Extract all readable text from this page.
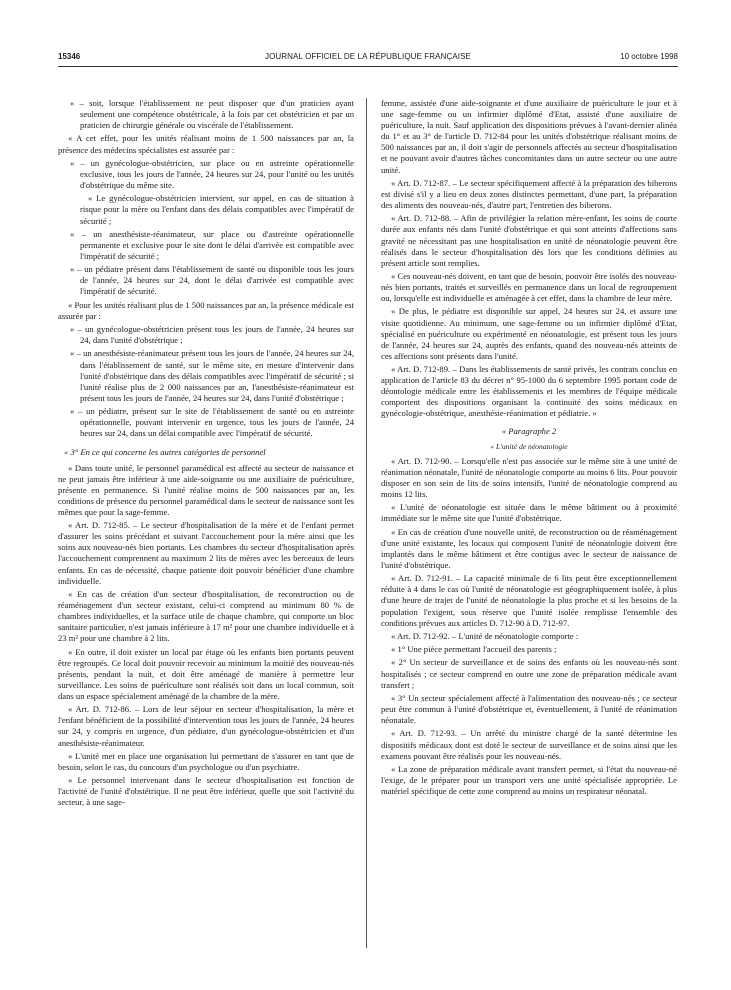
15346	JOURNAL OFFICIEL DE LA RÉPUBLIQUE FRANÇAISE	10 octobre 1998

« – soit, lorsque l'établissement ne peut disposer que d'un praticien ayant seulement une compétence obstétricale, à la fois par cet obstétricien et par un praticien de chirurgie générale ou viscérale de l'établissement.

« A cet effet, pour les unités réalisant moins de 1 500 naissances par an, la présence des médecins spécialistes est assurée par :

« – un gynécologue-obstétricien, sur place ou en astreinte opérationnelle exclusive, tous les jours de l'année, 24 heures sur 24, pour l'unité ou les unités d'obstétrique du même site.

« Le gynécologue-obstétricien intervient, sur appel, en cas de situation à risque pour la mère ou l'enfant dans des délais compatibles avec l'impératif de sécurité ;

« – un anesthésiste-réanimateur, sur place ou d'astreinte opérationnelle permanente et exclusive pour le site dont le délai d'arrivée est compatible avec l'impératif de sécurité ;

« – un pédiatre présent dans l'établissement de santé ou disponible tous les jours de l'année, 24 heures sur 24, dont le délai d'arrivée est compatible avec l'impératif de sécurité.

« Pour les unités réalisant plus de 1 500 naissances par an, la présence médicale est assurée par :

« – un gynécologue-obstétricien présent tous les jours de l'année, 24 heures sur 24, dans l'unité d'obstétrique ;

« – un anesthésiste-réanimateur présent tous les jours de l'année, 24 heures sur 24, dans l'établissement de santé, sur le même site, en mesure d'intervenir dans l'unité d'obstétrique dans des délais compatibles avec l'impératif de sécurité ; si l'unité réalise plus de 2 000 naissances par an, l'anesthésiste-réanimateur est présent tous les jours de l'année, 24 heures sur 24, dans l'unité d'obstétrique ;

« – un pédiatre, présent sur le site de l'établissement de santé ou en astreinte opérationnelle, pouvant intervenir en urgence, tous les jours de l'année, 24 heures sur 24, dans un délai compatible avec l'impératif de sécurité.

« 3° En ce qui concerne les autres catégories de personnel

« Dans toute unité, le personnel paramédical est affecté au secteur de naissance et ne peut jamais être inférieur à une aide-soignante ou une auxiliaire de puériculture, présente en permanence. Si l'unité réalise moins de 500 naissances par an, les conditions de présence du personnel paramédical dans le secteur de naissance sont les mêmes que pour la sage-femme.

« Art. D. 712-85. – Le secteur d'hospitalisation de la mère et de l'enfant permet d'assurer les soins précédant et suivant l'accouchement pour la mère ainsi que les soins aux nouveau-nés bien portants. Les chambres du secteur d'hospitalisation après l'accouchement comprennent au maximum 2 lits de mères avec les berceaux de leurs enfants. En cas de nécessité, chaque patiente doit pouvoir bénéficier d'une chambre individuelle.

« En cas de création d'un secteur d'hospitalisation, de reconstruction ou de réaménagement d'un secteur existant, celui-ci comprend au minimum 80 % de chambres individuelles, et la surface utile de chaque chambre, qui comporte un bloc sanitaire particulier, n'est jamais inférieure à 17 m² pour une chambre individuelle et à 23 m² pour une chambre à 2 lits.

« En outre, il doit exister un local par étage où les enfants bien portants peuvent être regroupés. Ce local doit pouvoir recevoir au minimum la moitié des nouveau-nés présents, pendant la nuit, et doit être aménagé de manière à permettre leur surveillance. Les soins de puériculture sont réalisés soit dans un local commun, soit dans un espace spécialement aménagé de la chambre de la mère.

« Art. D. 712-86. – Lors de leur séjour en secteur d'hospitalisation, la mère et l'enfant bénéficient de la possibilité d'intervention tous les jours de l'année, 24 heures sur 24, y compris en urgence, d'un pédiatre, d'un gynécologue-obstétricien et d'un anesthésiste-réanimateur.

« L'unité met en place une organisation lui permettant de s'assurer en tant que de besoin, selon le cas, du concours d'un psychologue ou d'un psychiatre.

« Le personnel intervenant dans le secteur d'hospitalisation est fonction de l'activité de l'unité d'obstétrique. Il ne peut être inférieur, quelle que soit l'activité du secteur, à une sage-

femme, assistée d'une aide-soignante et d'une auxiliaire de puériculture le jour et à une sage-femme ou un infirmier diplômé d'Etat, assisté d'une auxiliaire de puériculture, la nuit. Sauf application des dispositions prévues à l'avant-dernier alinéa du 1° et au 3° de l'article D. 712-84 pour les unités d'obstétrique réalisant moins de 500 naissances par an, il doit s'agir de personnels affectés au secteur d'hospitalisation et ne pouvant avoir d'autres tâches concomitantes dans un autre secteur ou une autre unité.

« Art. D. 712-87. – Le secteur spécifiquement affecté à la préparation des biberons est divisé s'il y a lieu en deux zones distinctes permettant, d'une part, la préparation des aliments des nouveau-nés, d'autre part, l'entretien des biberons.

« Art. D. 712-88. – Afin de privilégier la relation mère-enfant, les soins de courte durée aux enfants nés dans l'unité d'obstétrique et qui sont atteints d'affections sans gravité ne nécessitant pas une hospitalisation en unité de néonatologie peuvent être réalisés dans le secteur d'hospitalisation dès lors que les conditions définies au présent article sont remplies.

« Ces nouveau-nés doivent, en tant que de besoin, pouvoir être isolés des nouveau-nés bien portants, traités et surveillés en permanence dans un local de regroupement ou, lorsqu'elle est individuelle et aménagée à cet effet, dans la chambre de leur mère.

« De plus, le pédiatre est disponible sur appel, 24 heures sur 24, et assure une visite quotidienne. Au minimum, une sage-femme ou un infirmier diplômé d'Etat, spécialisé en puériculture ou expérimenté en néonatologie, est présent tous les jours de l'année, 24 heures sur 24, auprès des enfants, quand des nouveau-nés atteints de ces affections sont présents dans l'unité.

« Art. D. 712-89. – Dans les établissements de santé privés, les contrats conclus en application de l'article 83 du décret n° 95-1000 du 6 septembre 1995 portant code de déontologie médicale entre les établissements et les membres de l'équipe médicale comportent des dispositions organisant la continuité des soins médicaux en gynécologie-obstétrique, anesthésie-réanimation et pédiatrie. »

« Paragraphe 2

« L'unité de néonatologie

« Art. D. 712-90. – Lorsqu'elle n'est pas associée sur le même site à une unité de réanimation néonatale, l'unité de néonatologie comporte au moins 6 lits. Pour pouvoir disposer en son sein de lits de soins intensifs, l'unité de néonatologie comprend au moins 12 lits.

« L'unité de néonatologie est située dans le même bâtiment ou à proximité immédiate sur le même site que l'unité d'obstétrique.

« En cas de création d'une nouvelle unité, de reconstruction ou de réaménagement d'une unité existante, les locaux qui composent l'unité de néonatologie doivent être implantés dans le même bâtiment et être contigus avec le secteur de naissance de l'unité d'obstétrique.

« Art. D. 712-91. – La capacité minimale de 6 lits peut être exceptionnellement réduite à 4 dans le cas où l'unité de néonatologie est géographiquement isolée, à plus d'une heure de trajet de l'unité de néonatologie la plus proche et si les besoins de la population l'exigent, sous réserve que l'unité isolée remplisse l'ensemble des conditions prévues aux articles D. 712-90 à D. 712-97.

« Art. D. 712-92. – L'unité de néonatologie comporte :

« 1° Une pièce permettant l'accueil des parents ;

« 2° Un secteur de surveillance et de soins des enfants où les nouveau-nés sont hospitalisés ; ce secteur comprend en outre une zone de préparation médicale avant transfert ;

« 3° Un secteur spécialement affecté à l'alimentation des nouveau-nés ; ce secteur peut être commun à l'unité d'obstétrique et, éventuellement, à l'unité de réanimation néonatale.

« Art. D. 712-93. – Un arrêté du ministre chargé de la santé détermine les dispositifs médicaux dont est doté le secteur de surveillance et de soins ainsi que les examens pouvant être réalisés pour les nouveau-nés.

« La zone de préparation médicale avant transfert permet, si l'état du nouveau-né l'exige, de le préparer pour un transport vers une unité spécialisée appropriée. Le matériel spécifique de cette zone comprend au moins un respirateur néonatal.
